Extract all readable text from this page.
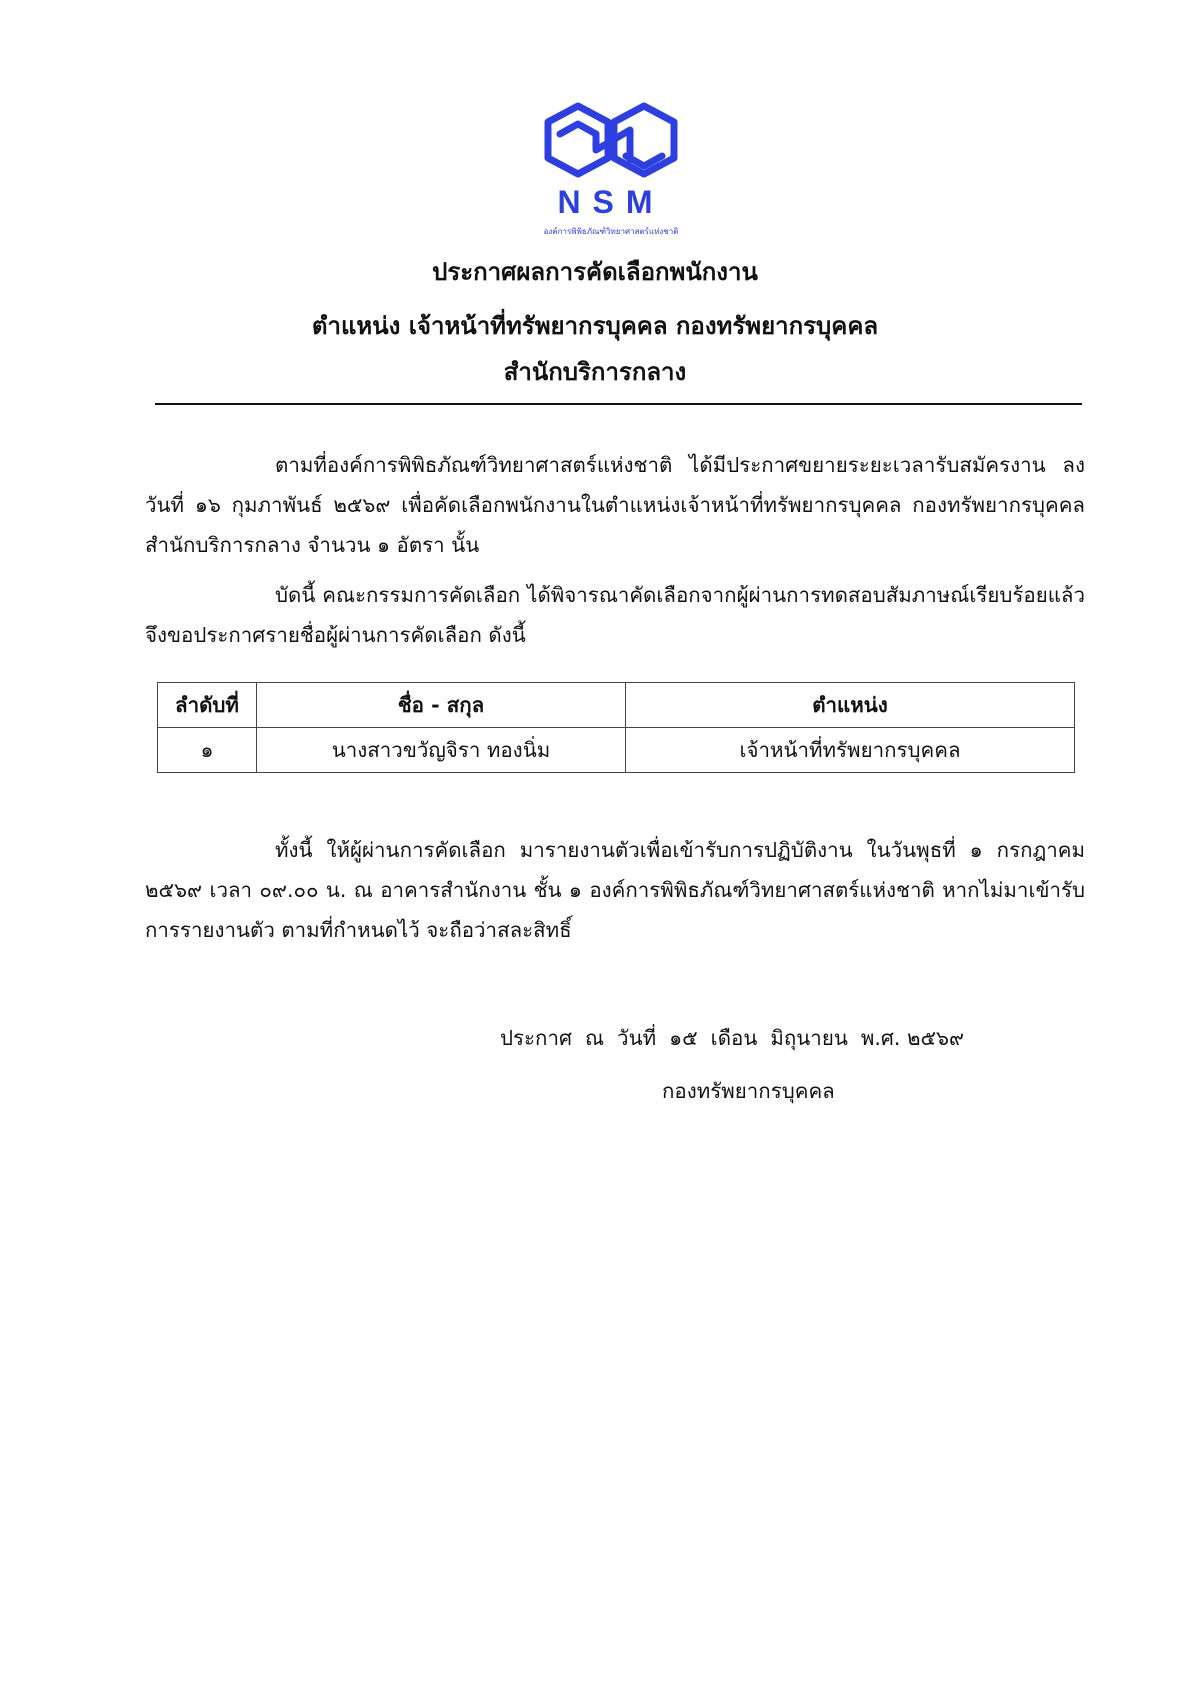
NSM
องค์การพิพิธภัณฑ์วิทยาศาสตร์แห่งชาติ
ประกาศผลการคัดเลือกพนักงาน
ตำแหน่ง เจ้าหน้าที่ทรัพยากรบุคคล กองทรัพยากรบุคคล
สำนักบริการกลาง
ตามที่องค์การพิพิธภัณฑ์วิทยาศาสตร์แห่งชาติ ได้มีประกาศขยายระยะเวลารับสมัครงาน ลงวันที่ ๑๖ กุมภาพันธ์ ๒๕๖๙ เพื่อคัดเลือกพนักงานในตำแหน่งเจ้าหน้าที่ทรัพยากรบุคคล กองทรัพยากรบุคคล สำนักบริการกลาง จำนวน ๑ อัตรา นั้น
บัดนี้ คณะกรรมการคัดเลือก ได้พิจารณาคัดเลือกจากผู้ผ่านการทดสอบสัมภาษณ์เรียบร้อยแล้ว จึงขอประกาศรายชื่อผู้ผ่านการคัดเลือก ดังนี้
ลำดับที่	ชื่อ - สกุล	ตำแหน่ง
๑	นางสาวขวัญจิรา ทองนิ่ม	เจ้าหน้าที่ทรัพยากรบุคคล
ทั้งนี้ ให้ผู้ผ่านการคัดเลือก มารายงานตัวเพื่อเข้ารับการปฏิบัติงาน ในวันพุธที่ ๑ กรกฎาคม ๒๕๖๙ เวลา ๐๙.๐๐ น. ณ อาคารสำนักงาน ชั้น ๑ องค์การพิพิธภัณฑ์วิทยาศาสตร์แห่งชาติ หากไม่มาเข้ารับการรายงานตัว ตามที่กำหนดไว้ จะถือว่าสละสิทธิ์
ประกาศ  ณ  วันที่  ๑๕  เดือน  มิถุนายน  พ.ศ. ๒๕๖๙
กองทรัพยากรบุคคล
